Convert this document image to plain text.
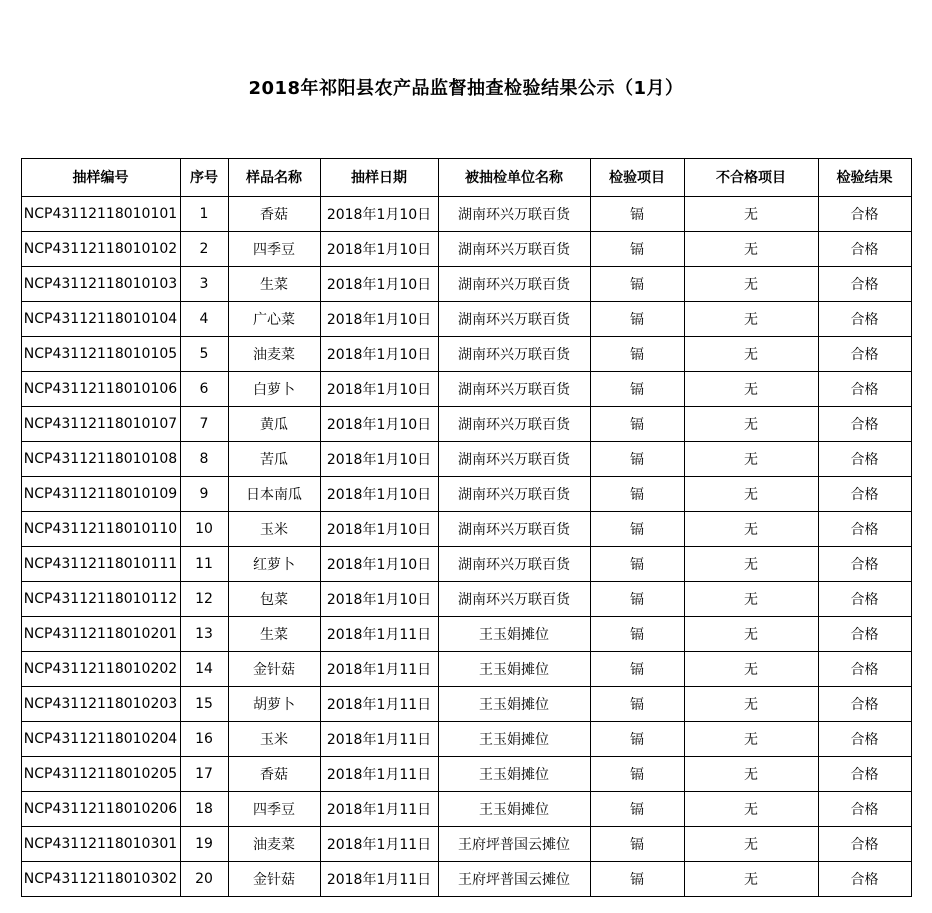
2018年祁阳县农产品监督抽查检验结果公示（1月）
抽样编号	序号	样品名称	抽样日期	被抽检单位名称	检验项目	不合格项目	检验结果
NCP43112118010101	1	香菇	2018年1月10日	湖南环兴万联百货	镉	无	合格
NCP43112118010102	2	四季豆	2018年1月10日	湖南环兴万联百货	镉	无	合格
NCP43112118010103	3	生菜	2018年1月10日	湖南环兴万联百货	镉	无	合格
NCP43112118010104	4	广心菜	2018年1月10日	湖南环兴万联百货	镉	无	合格
NCP43112118010105	5	油麦菜	2018年1月10日	湖南环兴万联百货	镉	无	合格
NCP43112118010106	6	白萝卜	2018年1月10日	湖南环兴万联百货	镉	无	合格
NCP43112118010107	7	黄瓜	2018年1月10日	湖南环兴万联百货	镉	无	合格
NCP43112118010108	8	苦瓜	2018年1月10日	湖南环兴万联百货	镉	无	合格
NCP43112118010109	9	日本南瓜	2018年1月10日	湖南环兴万联百货	镉	无	合格
NCP43112118010110	10	玉米	2018年1月10日	湖南环兴万联百货	镉	无	合格
NCP43112118010111	11	红萝卜	2018年1月10日	湖南环兴万联百货	镉	无	合格
NCP43112118010112	12	包菜	2018年1月10日	湖南环兴万联百货	镉	无	合格
NCP43112118010201	13	生菜	2018年1月11日	王玉娟摊位	镉	无	合格
NCP43112118010202	14	金针菇	2018年1月11日	王玉娟摊位	镉	无	合格
NCP43112118010203	15	胡萝卜	2018年1月11日	王玉娟摊位	镉	无	合格
NCP43112118010204	16	玉米	2018年1月11日	王玉娟摊位	镉	无	合格
NCP43112118010205	17	香菇	2018年1月11日	王玉娟摊位	镉	无	合格
NCP43112118010206	18	四季豆	2018年1月11日	王玉娟摊位	镉	无	合格
NCP43112118010301	19	油麦菜	2018年1月11日	王府坪普国云摊位	镉	无	合格
NCP43112118010302	20	金针菇	2018年1月11日	王府坪普国云摊位	镉	无	合格
